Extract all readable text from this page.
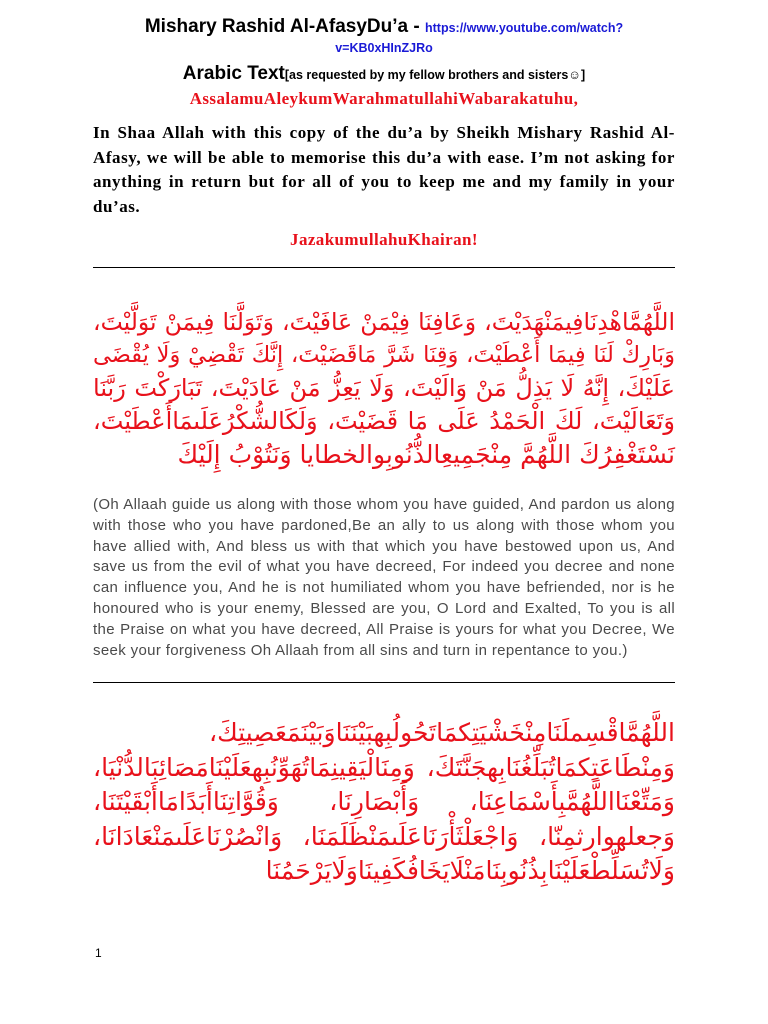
Mishary Rashid Al-AfasyDu’a - https://www.youtube.com/watch?
v=KB0xHInZJRo
Arabic Text[as requested by my fellow brothers and sisters☺]
AssalamuAleykumWarahmatullahiWabarakatuhu,
In Shaa Allah with this copy of the du’a by Sheikh Mishary Rashid Al-Afasy, we will be able to memorise this du’a with ease. I’m not asking for anything in return but for all of you to keep me and my family in your du’as.
JazakumullahuKhairan!
اللَّهُمَّاهْدِنَافِيمَنْهَدَيْتَ، وَعَافِنَا فِيْمَنْ عَافَيْتَ، وَتَوَلَّنَا فِيمَنْ تَوَلَّيْتَ،
وَبَارِكْ لَنَا فِيمَا أَعْطَيْتَ، وَقِنَا شَرَّ مَاقَضَيْتَ، إِنَّكَ تَقْضِيْ وَلَا يُقْضَى
عَلَيْكَ، إِنَّهُ لَا يَذِلُّ مَنْ وَالَيْتَ، وَلَا يَعِزُّ مَنْ عَادَيْتَ، تَبَارَكْتَ رَبَّنَا
وَتَعَالَيْتَ، لَكَ الْحَمْدُ عَلَى مَا قَضَيْتَ، وَلَكَالشُّكْرُعَلَىمَاأَعْطَيْتَ،
نَسْتَغْفِرُكَ اللَّهُمَّ مِنْجَمِيعِالذُّنُوبِوالخطايا وَنَتُوْبُ إِلَيْكَ
(Oh Allaah guide us along with those whom you have guided, And pardon us along with those who you have pardoned,Be an ally to us along with those whom you have allied with, And bless us with that which you have bestowed upon us, And save us from the evil of what you have decreed, For indeed you decree and none can influence you, And he is not humiliated whom you have befriended, nor is he honoured who is your enemy, Blessed are you, O Lord and Exalted, To you is all the Praise on what you have decreed, All Praise is yours for what you Decree, We seek your forgiveness Oh Allaah from all sins and turn in repentance to you.)
اللَّهُمَّاقْسِملَنَامِنْخَشْيَتِكمَاتَحُولُبِهبَيْنَنَاوَبَيْنَمَعَصِيتِكَ،
وَمِنْطَاعَتِكمَاتُبَلِّغُنَابِهجَنَّتَكَ، وَمِنَالْيَقِينِمَاتُهَوِّنُبِهعَلَيْنَامَصَائِبَالدُّنْيَا،
وَمَتِّعْنَااللَّهُمَّبِأَسْمَاعِنَا، وَأَبْصَارِنَا، وَقُوَّاتِنَاأَبَدًامَاأَبْقَيْتَنَا،
وَجعلهوارثمِنّا، وَاجْعَلْثَأْرَنَاعَلَىمَنْظَلَمَنَا، وَانْصُرْنَاعَلَىمَنْعَادَانَا،
وَلَاتُسَلِّطْعَلَيْنَابِذُنُوبِنَامَنْلَايَخَافُكَفِينَاوَلَايَرْحَمُنَا
1
